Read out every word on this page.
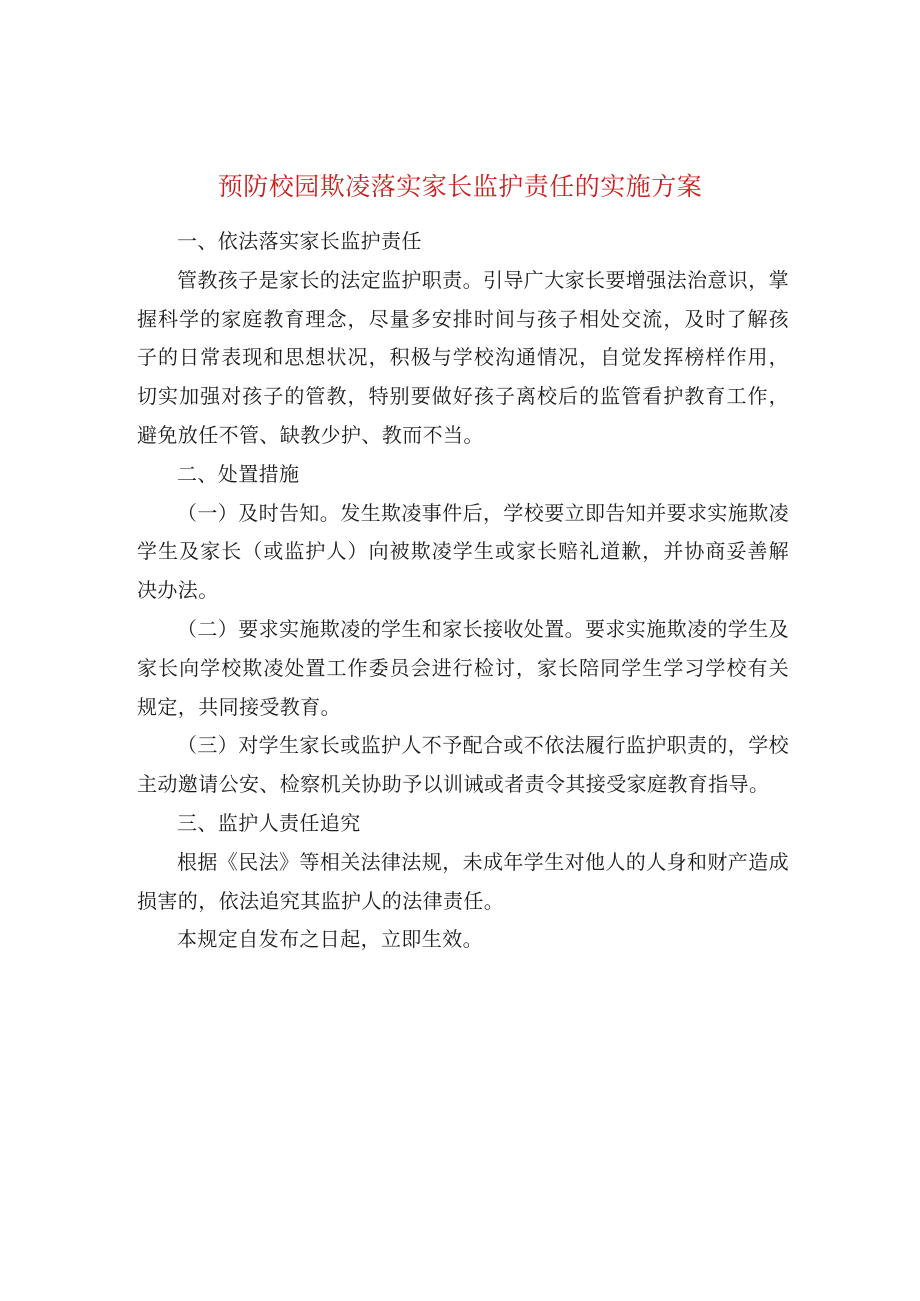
预防校园欺凌落实家长监护责任的实施方案

一、依法落实家长监护责任

管教孩子是家长的法定监护职责。引导广大家长要增强法治意识，掌握科学的家庭教育理念，尽量多安排时间与孩子相处交流，及时了解孩子的日常表现和思想状况，积极与学校沟通情况，自觉发挥榜样作用，切实加强对孩子的管教，特别要做好孩子离校后的监管看护教育工作，避免放任不管、缺教少护、教而不当。

二、处置措施

（一）及时告知。发生欺凌事件后，学校要立即告知并要求实施欺凌学生及家长（或监护人）向被欺凌学生或家长赔礼道歉，并协商妥善解决办法。

（二）要求实施欺凌的学生和家长接收处置。要求实施欺凌的学生及家长向学校欺凌处置工作委员会进行检讨，家长陪同学生学习学校有关规定，共同接受教育。

（三）对学生家长或监护人不予配合或不依法履行监护职责的，学校主动邀请公安、检察机关协助予以训诫或者责令其接受家庭教育指导。

三、监护人责任追究

根据《民法》等相关法律法规，未成年学生对他人的人身和财产造成损害的，依法追究其监护人的法律责任。

本规定自发布之日起，立即生效。
